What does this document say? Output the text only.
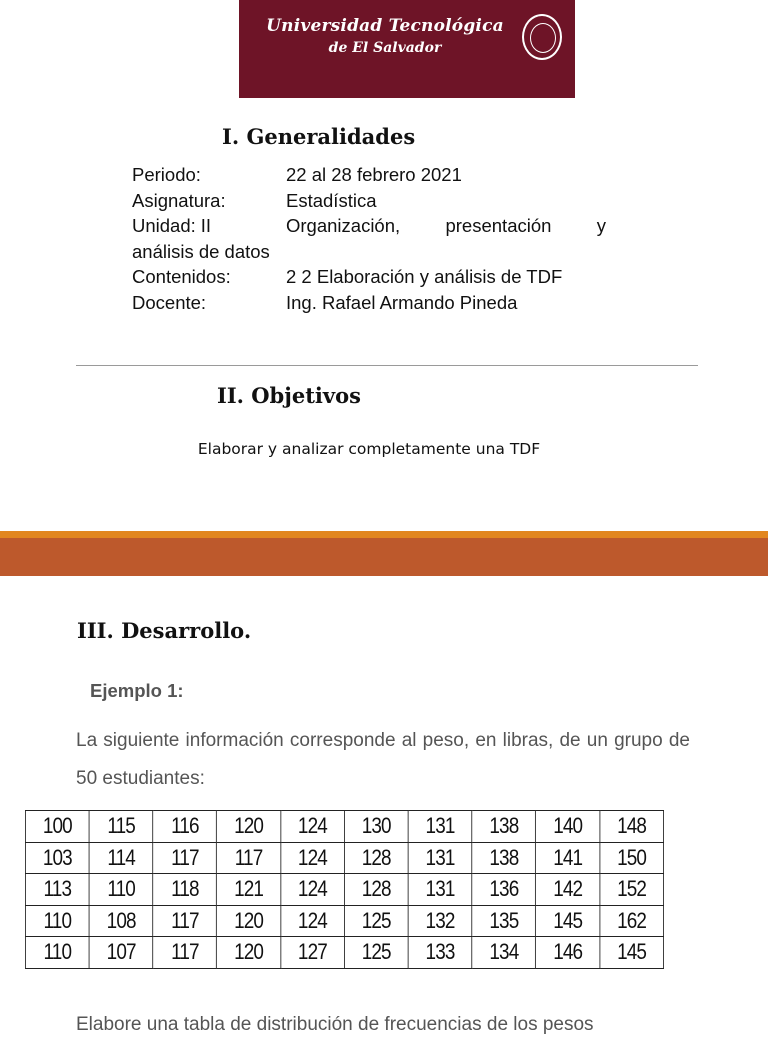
Universidad Tecnológica
de El Salvador
I. Generalidades
Periodo:	22 al 28 febrero 2021
Asignatura:	Estadística
Unidad: II	Organización, presentación y
análisis de datos
Contenidos:	2 2 Elaboración y análisis de TDF
Docente:	Ing. Rafael Armando Pineda
II. Objetivos
Elaborar y analizar completamente una TDF
III. Desarrollo.
Ejemplo 1:
La siguiente información corresponde al peso, en libras, de un grupo de 50 estudiantes:
100	115	116	120	124	130	131	138	140	148
103	114	117	117	124	128	131	138	141	150
113	110	118	121	124	128	131	136	142	152
110	108	117	120	124	125	132	135	145	162
110	107	117	120	127	125	133	134	146	145
Elabore una tabla de distribución de frecuencias de los pesos
